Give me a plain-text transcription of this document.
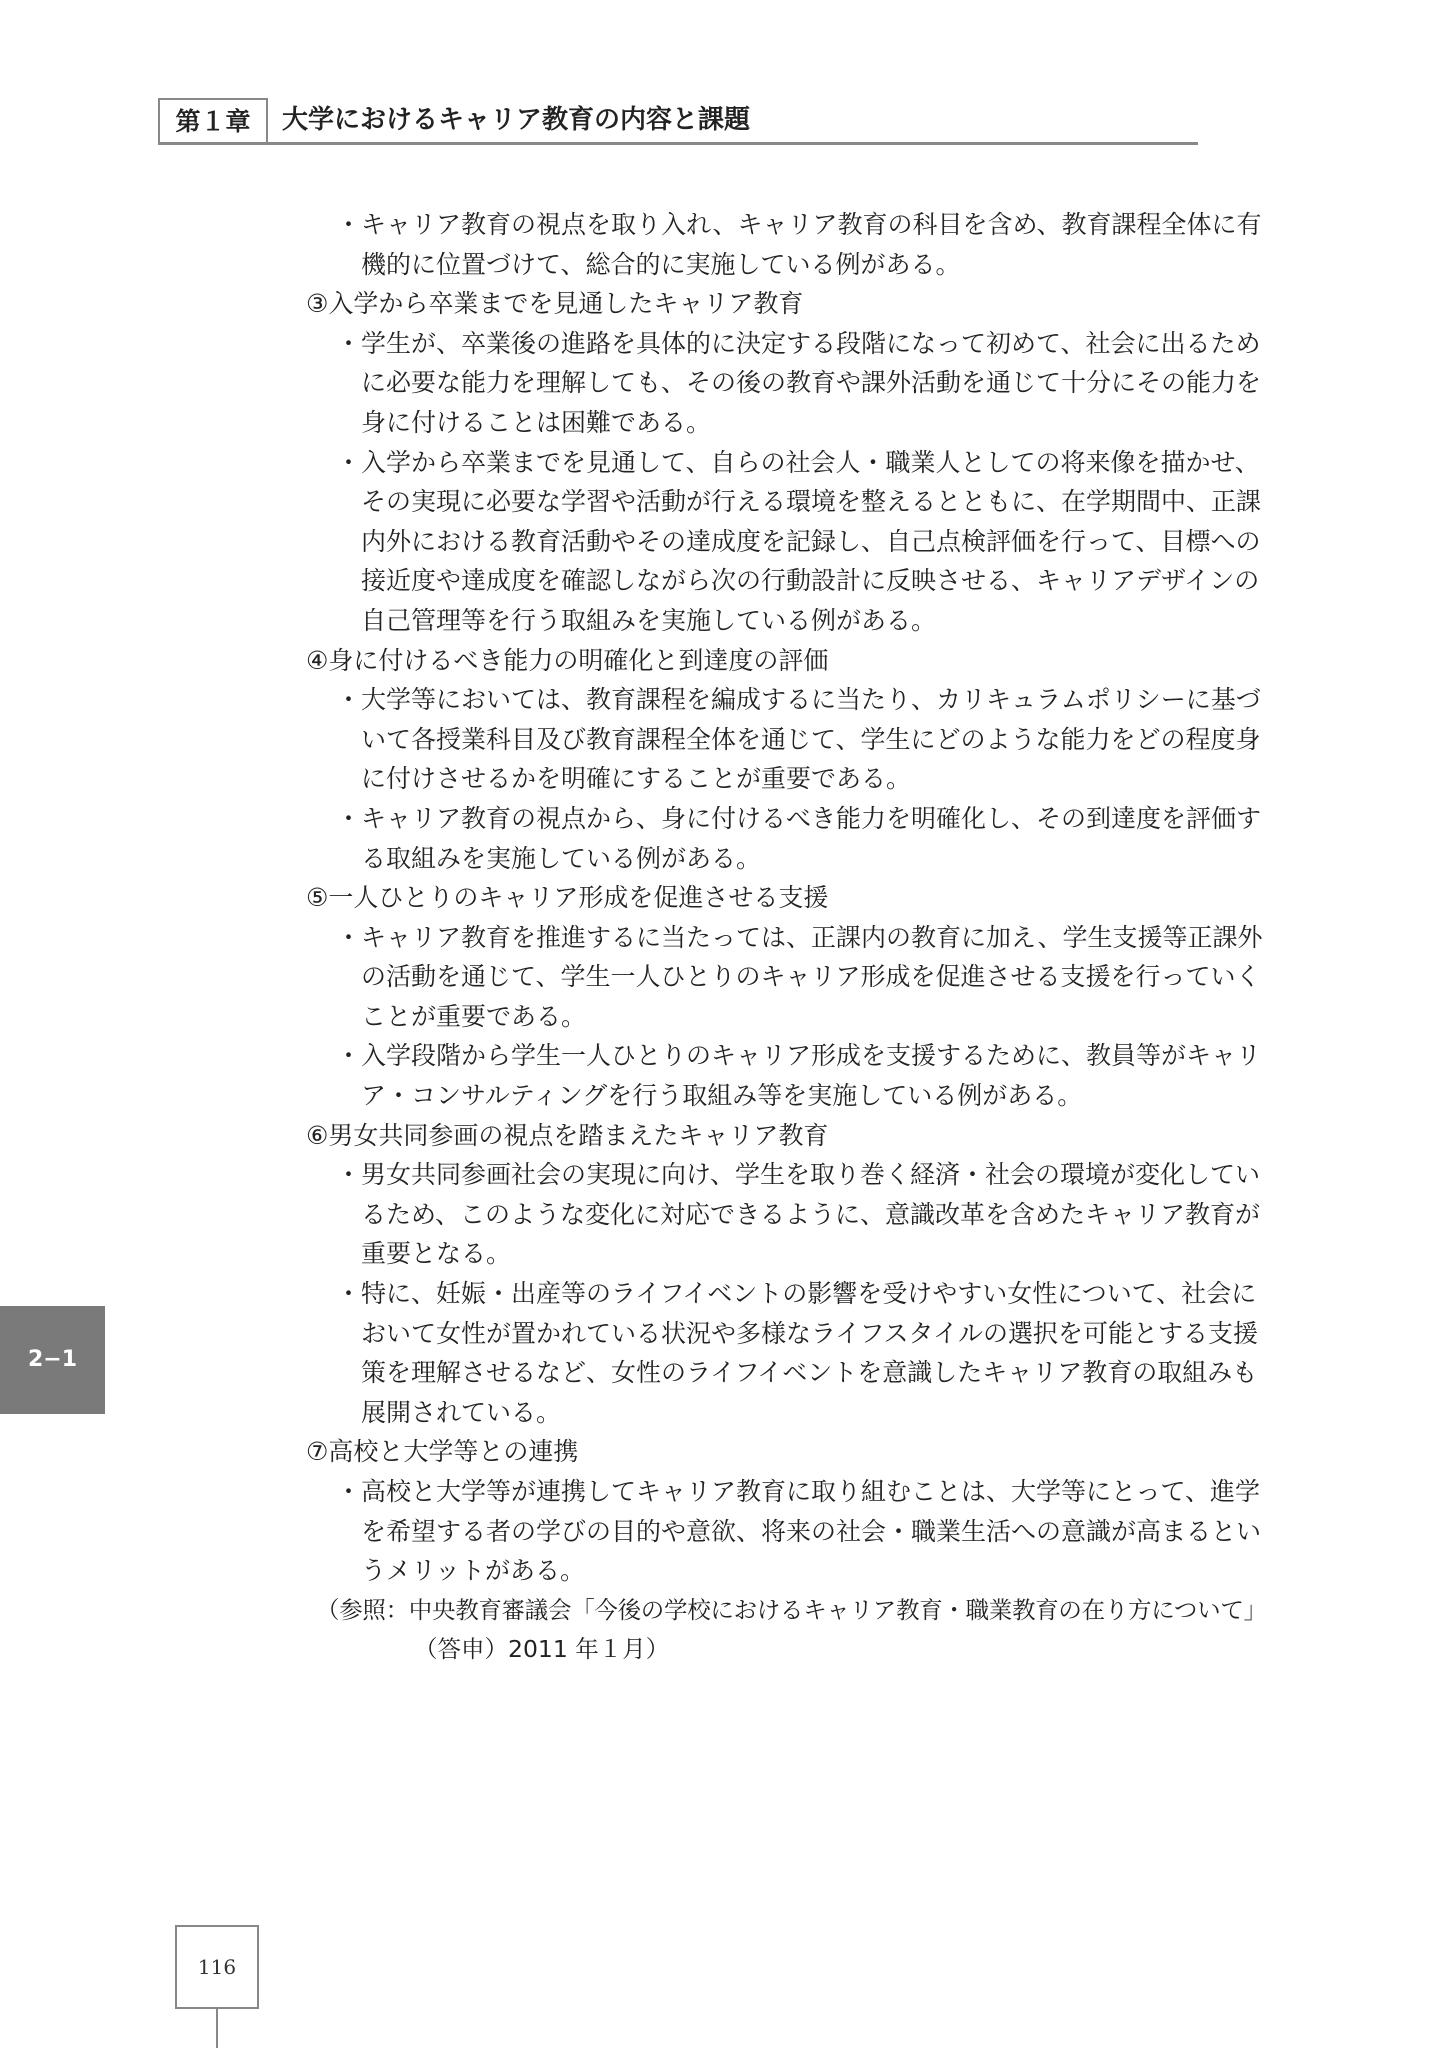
第１章	大学におけるキャリア教育の内容と課題
・キャリア教育の視点を取り入れ、キャリア教育の科目を含め、教育課程全体に有
機的に位置づけて、総合的に実施している例がある。
③入学から卒業までを見通したキャリア教育
・学生が、卒業後の進路を具体的に決定する段階になって初めて、社会に出るため
に必要な能力を理解しても、その後の教育や課外活動を通じて十分にその能力を
身に付けることは困難である。
・入学から卒業までを見通して、自らの社会人・職業人としての将来像を描かせ、
その実現に必要な学習や活動が行える環境を整えるとともに、在学期間中、正課
内外における教育活動やその達成度を記録し、自己点検評価を行って、目標への
接近度や達成度を確認しながら次の行動設計に反映させる、キャリアデザインの
自己管理等を行う取組みを実施している例がある。
④身に付けるべき能力の明確化と到達度の評価
・大学等においては、教育課程を編成するに当たり、カリキュラムポリシーに基づ
いて各授業科目及び教育課程全体を通じて、学生にどのような能力をどの程度身
に付けさせるかを明確にすることが重要である。
・キャリア教育の視点から、身に付けるべき能力を明確化し、その到達度を評価す
る取組みを実施している例がある。
⑤一人ひとりのキャリア形成を促進させる支援
・キャリア教育を推進するに当たっては、正課内の教育に加え、学生支援等正課外
の活動を通じて、学生一人ひとりのキャリア形成を促進させる支援を行っていく
ことが重要である。
・入学段階から学生一人ひとりのキャリア形成を支援するために、教員等がキャリ
ア・コンサルティングを行う取組み等を実施している例がある。
⑥男女共同参画の視点を踏まえたキャリア教育
・男女共同参画社会の実現に向け、学生を取り巻く経済・社会の環境が変化してい
るため、このような変化に対応できるように、意識改革を含めたキャリア教育が
重要となる。
・特に、妊娠・出産等のライフイベントの影響を受けやすい女性について、社会に
おいて女性が置かれている状況や多様なライフスタイルの選択を可能とする支援
策を理解させるなど、女性のライフイベントを意識したキャリア教育の取組みも
展開されている。
⑦高校と大学等との連携
・高校と大学等が連携してキャリア教育に取り組むことは、大学等にとって、進学
を希望する者の学びの目的や意欲、将来の社会・職業生活への意識が高まるとい
うメリットがある。
（参照：中央教育審議会「今後の学校におけるキャリア教育・職業教育の在り方について」
（答申）2011 年１月）
2−1
116
